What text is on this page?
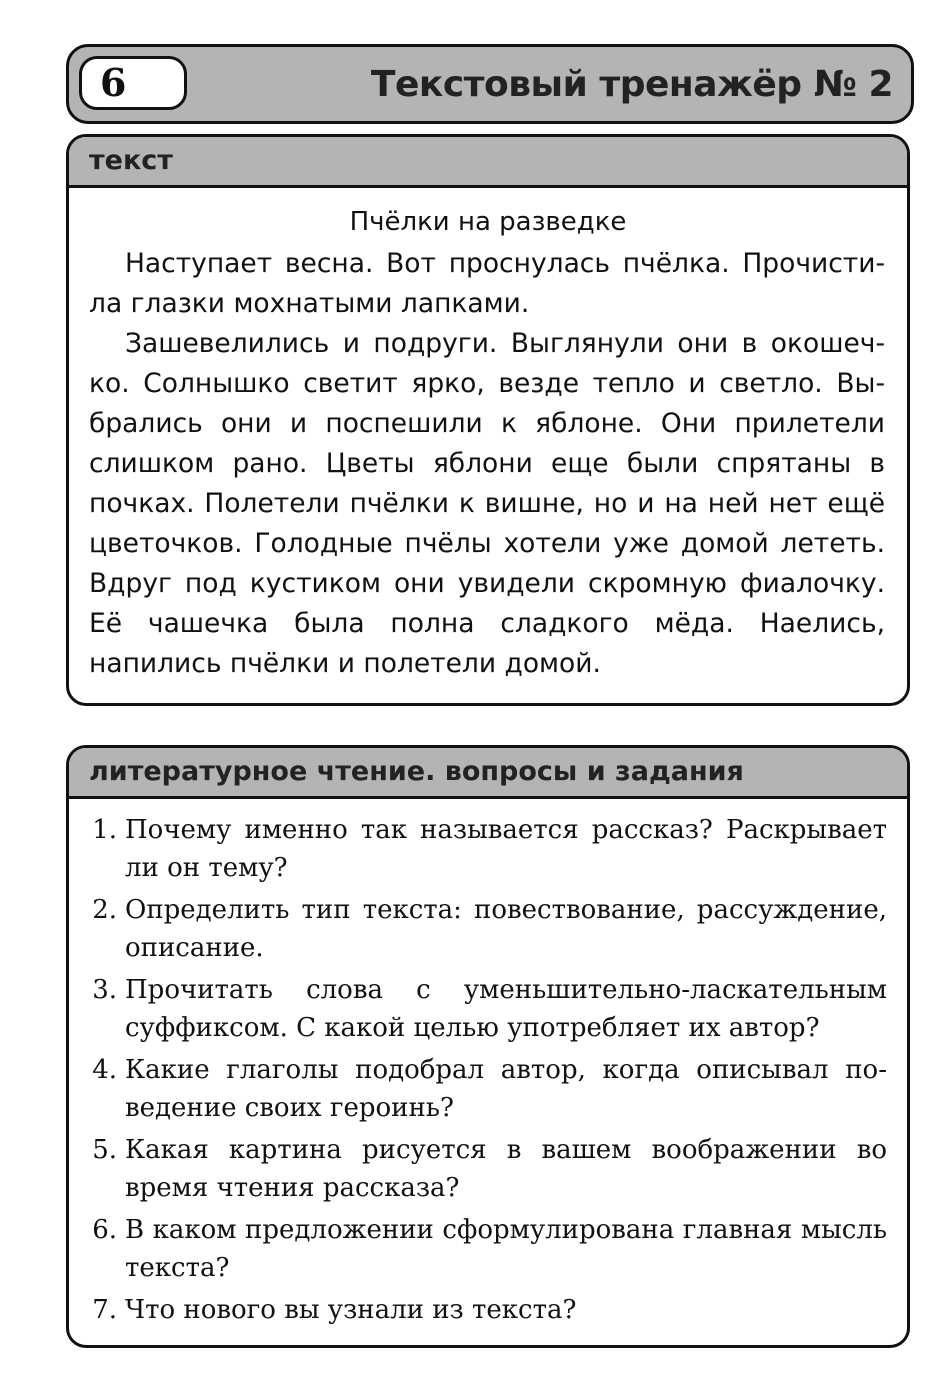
6	Текстовый тренажёр № 2
текст
Пчёлки на разведке

Наступает весна. Вот проснулась пчёлка. Прочистила глазки мохнатыми лапками.

Зашевелились и подруги. Выглянули они в окошечко. Солнышко светит ярко, везде тепло и светло. Выбрались они и поспешили к яблоне. Они прилетели слишком рано. Цветы яблони еще были спрятаны в почках. Полетели пчёлки к вишне, но и на ней нет ещё цветочков. Голодные пчёлы хотели уже домой лететь. Вдруг под кустиком они увидели скромную фиалочку. Её чашечка была полна сладкого мёда. Наелись, напились пчёлки и полетели домой.

литературное чтение. вопросы и задания
1. Почему именно так называется рассказ? Раскрывает ли он тему?
2. Определить тип текста: повествование, рассуждение, описание.
3. Прочитать слова с уменьшительно-ласкательным суффиксом. С какой целью употребляет их автор?
4. Какие глаголы подобрал автор, когда описывал поведение своих героинь?
5. Какая картина рисуется в вашем воображении во время чтения рассказа?
6. В каком предложении сформулирована главная мысль текста?
7. Что нового вы узнали из текста?
